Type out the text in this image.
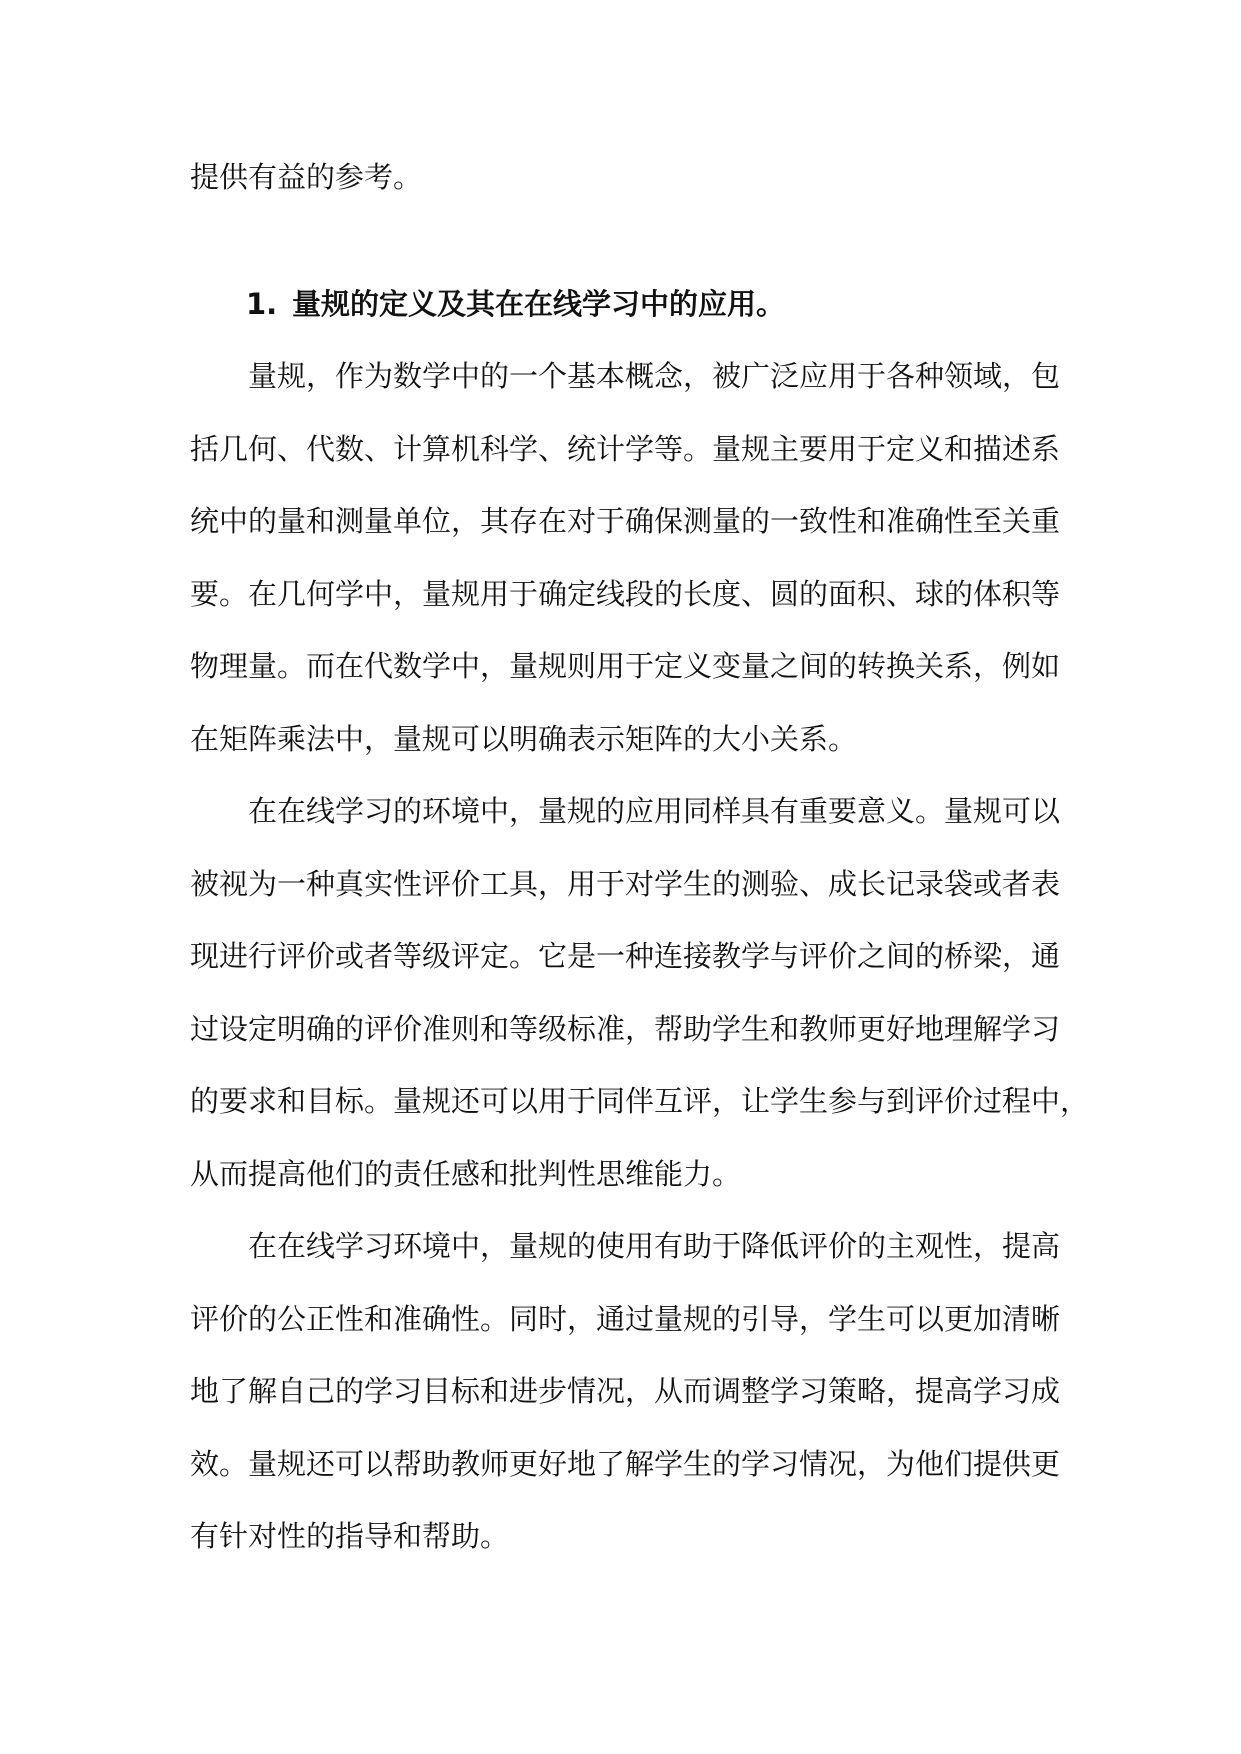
提供有益的参考。
1. 量规的定义及其在在线学习中的应用。
量规，作为数学中的一个基本概念，被广泛应用于各种领域，包
括几何、代数、计算机科学、统计学等。量规主要用于定义和描述系
统中的量和测量单位，其存在对于确保测量的一致性和准确性至关重
要。在几何学中，量规用于确定线段的长度、圆的面积、球的体积等
物理量。而在代数学中，量规则用于定义变量之间的转换关系，例如
在矩阵乘法中，量规可以明确表示矩阵的大小关系。
在在线学习的环境中，量规的应用同样具有重要意义。量规可以
被视为一种真实性评价工具，用于对学生的测验、成长记录袋或者表
现进行评价或者等级评定。它是一种连接教学与评价之间的桥梁，通
过设定明确的评价准则和等级标准，帮助学生和教师更好地理解学习
的要求和目标。量规还可以用于同伴互评，让学生参与到评价过程中，
从而提高他们的责任感和批判性思维能力。
在在线学习环境中，量规的使用有助于降低评价的主观性，提高
评价的公正性和准确性。同时，通过量规的引导，学生可以更加清晰
地了解自己的学习目标和进步情况，从而调整学习策略，提高学习成
效。量规还可以帮助教师更好地了解学生的学习情况，为他们提供更
有针对性的指导和帮助。
